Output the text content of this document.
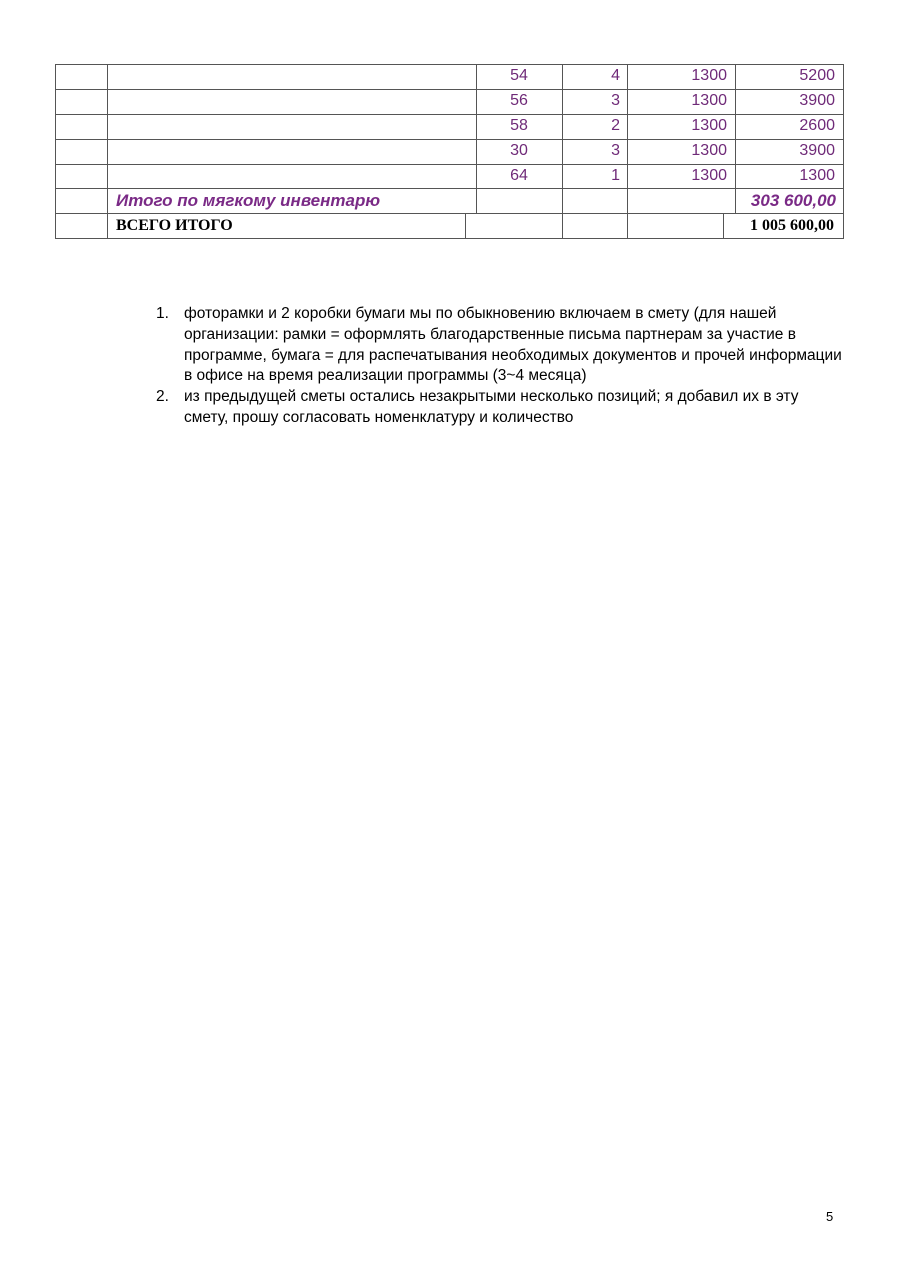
54	4	1300	5200
56	3	1300	3900
58	2	1300	2600
30	3	1300	3900
64	1	1300	1300
Итого по мягкому инвентарю	303 600,00
ВСЕГО ИТОГО	1 005 600,00
1. фоторамки и 2 коробки бумаги мы по обыкновению включаем в смету (для нашей организации: рамки = оформлять благодарственные письма партнерам за участие в программе, бумага = для распечатывания необходимых документов и прочей информации в офисе на время реализации программы (3~4 месяца)
2. из предыдущей сметы остались незакрытыми несколько позиций; я добавил их в эту смету, прошу согласовать номенклатуру и количество
5
